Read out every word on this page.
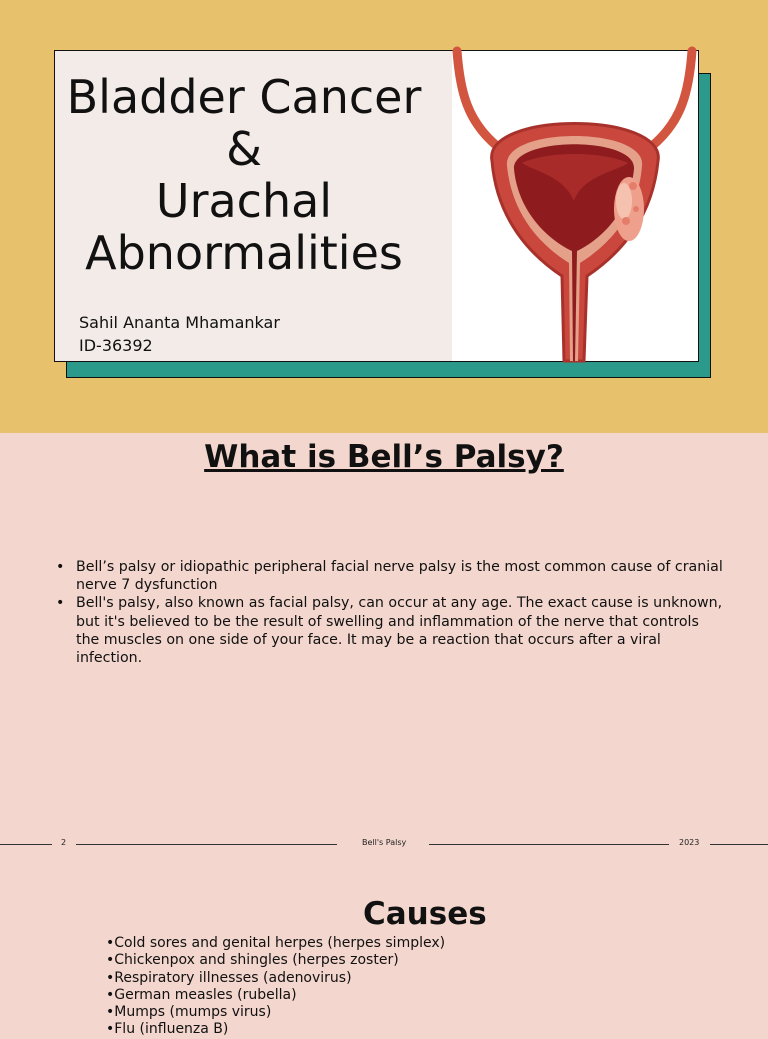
Bladder Cancer
&
Urachal
Abnormalities
Sahil Ananta Mhamankar
ID-36392
What is Bell’s Palsy?
• Bell’s palsy or idiopathic peripheral facial nerve palsy is the most common cause of cranial nerve 7 dysfunction
• Bell's palsy, also known as facial palsy, can occur at any age. The exact cause is unknown, but it's believed to be the result of swelling and inflammation of the nerve that controls the muscles on one side of your face. It may be a reaction that occurs after a viral infection.
2	Bell's Palsy	2023
Causes
•Cold sores and genital herpes (herpes simplex)
•Chickenpox and shingles (herpes zoster)
•Respiratory illnesses (adenovirus)
•German measles (rubella)
•Mumps (mumps virus)
•Flu (influenza B)
